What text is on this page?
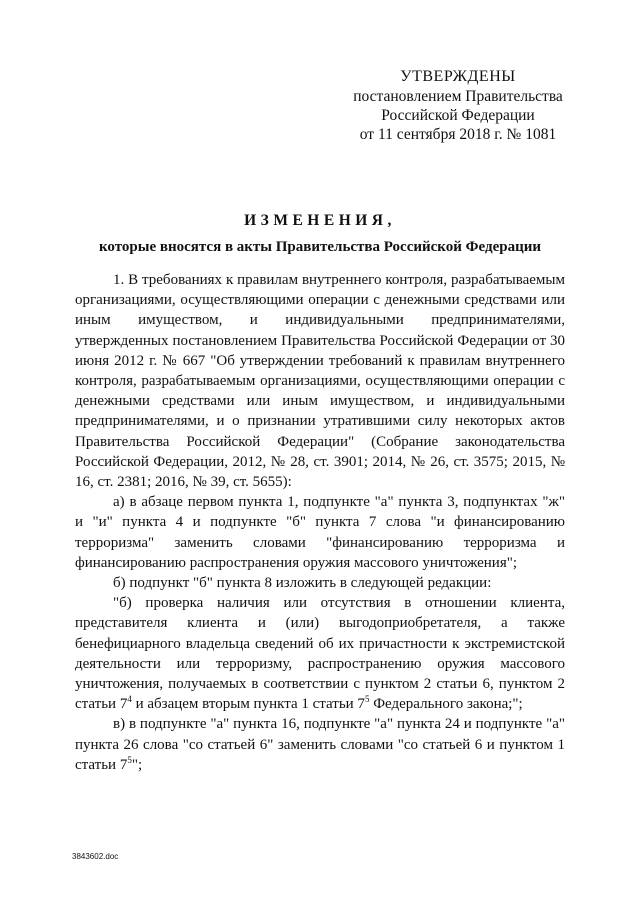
УТВЕРЖДЕНЫ
постановлением Правительства
Российской Федерации
от 11 сентября 2018 г. № 1081
ИЗМЕНЕНИЯ,
которые вносятся в акты Правительства Российской Федерации

1. В требованиях к правилам внутреннего контроля, разрабатываемым организациями, осуществляющими операции с денежными средствами или иным имуществом, и индивидуальными предпринимателями, утвержденных постановлением Правительства Российской Федерации от 30 июня 2012 г. № 667 "Об утверждении требований к правилам внутреннего контроля, разрабатываемым организациями, осуществляющими операции с денежными средствами или иным имуществом, и индивидуальными предпринимателями, и о признании утратившими силу некоторых актов Правительства Российской Федерации" (Собрание законодательства Российской Федерации, 2012, № 28, ст. 3901; 2014, № 26, ст. 3575; 2015, № 16, ст. 2381; 2016, № 39, ст. 5655):

а) в абзаце первом пункта 1, подпункте "а" пункта 3, подпунктах "ж" и "и" пункта 4 и подпункте "б" пункта 7 слова "и финансированию терроризма" заменить словами "финансированию терроризма и финансированию распространения оружия массового уничтожения";

б) подпункт "б" пункта 8 изложить в следующей редакции:

"б) проверка наличия или отсутствия в отношении клиента, представителя клиента и (или) выгодоприобретателя, а также бенефициарного владельца сведений об их причастности к экстремистской деятельности или терроризму, распространению оружия массового уничтожения, получаемых в соответствии с пунктом 2 статьи 6, пунктом 2 статьи $7^4$ и абзацем вторым пункта 1 статьи $7^5$ Федерального закона;";

в) в подпункте "а" пункта 16, подпункте "а" пункта 24 и подпункте "а" пункта 26 слова "со статьей 6" заменить словами "со статьей 6 и пунктом 1 статьи $7^5$";

3843602.doc
